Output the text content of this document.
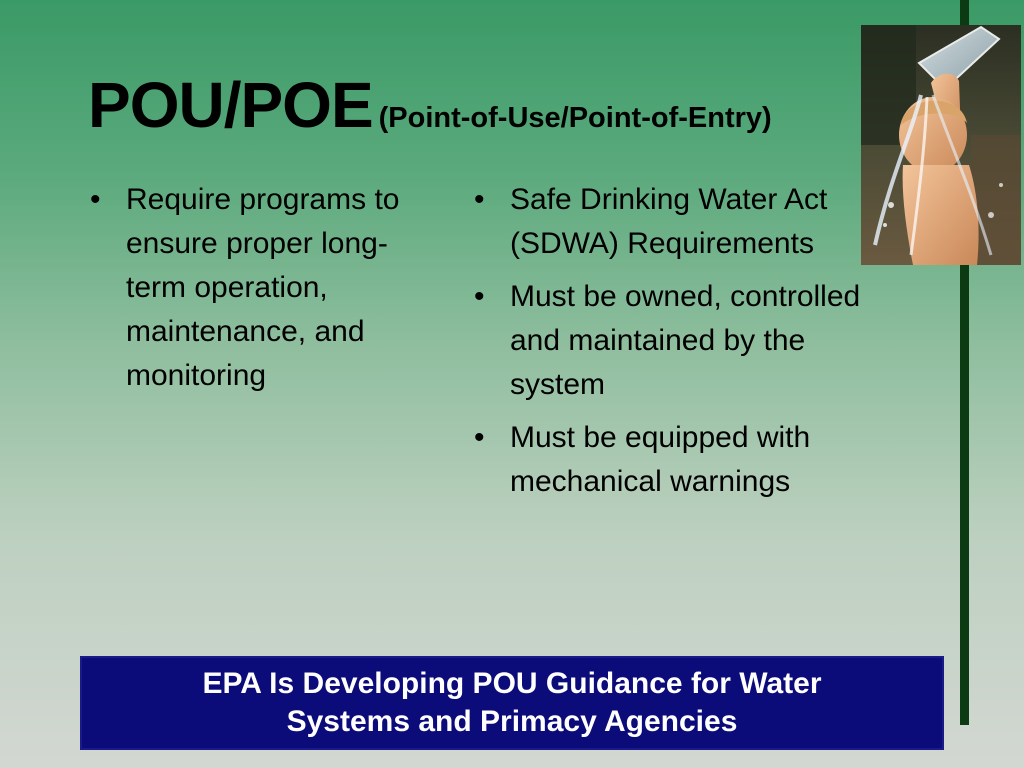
POU/POE (Point-of-Use/Point-of-Entry)
• Require programs to ensure proper long-term operation, maintenance, and monitoring
• Safe Drinking Water Act (SDWA) Requirements
• Must be owned, controlled and maintained by the system
• Must be equipped with mechanical warnings
EPA Is Developing POU Guidance for Water
Systems and Primacy Agencies
